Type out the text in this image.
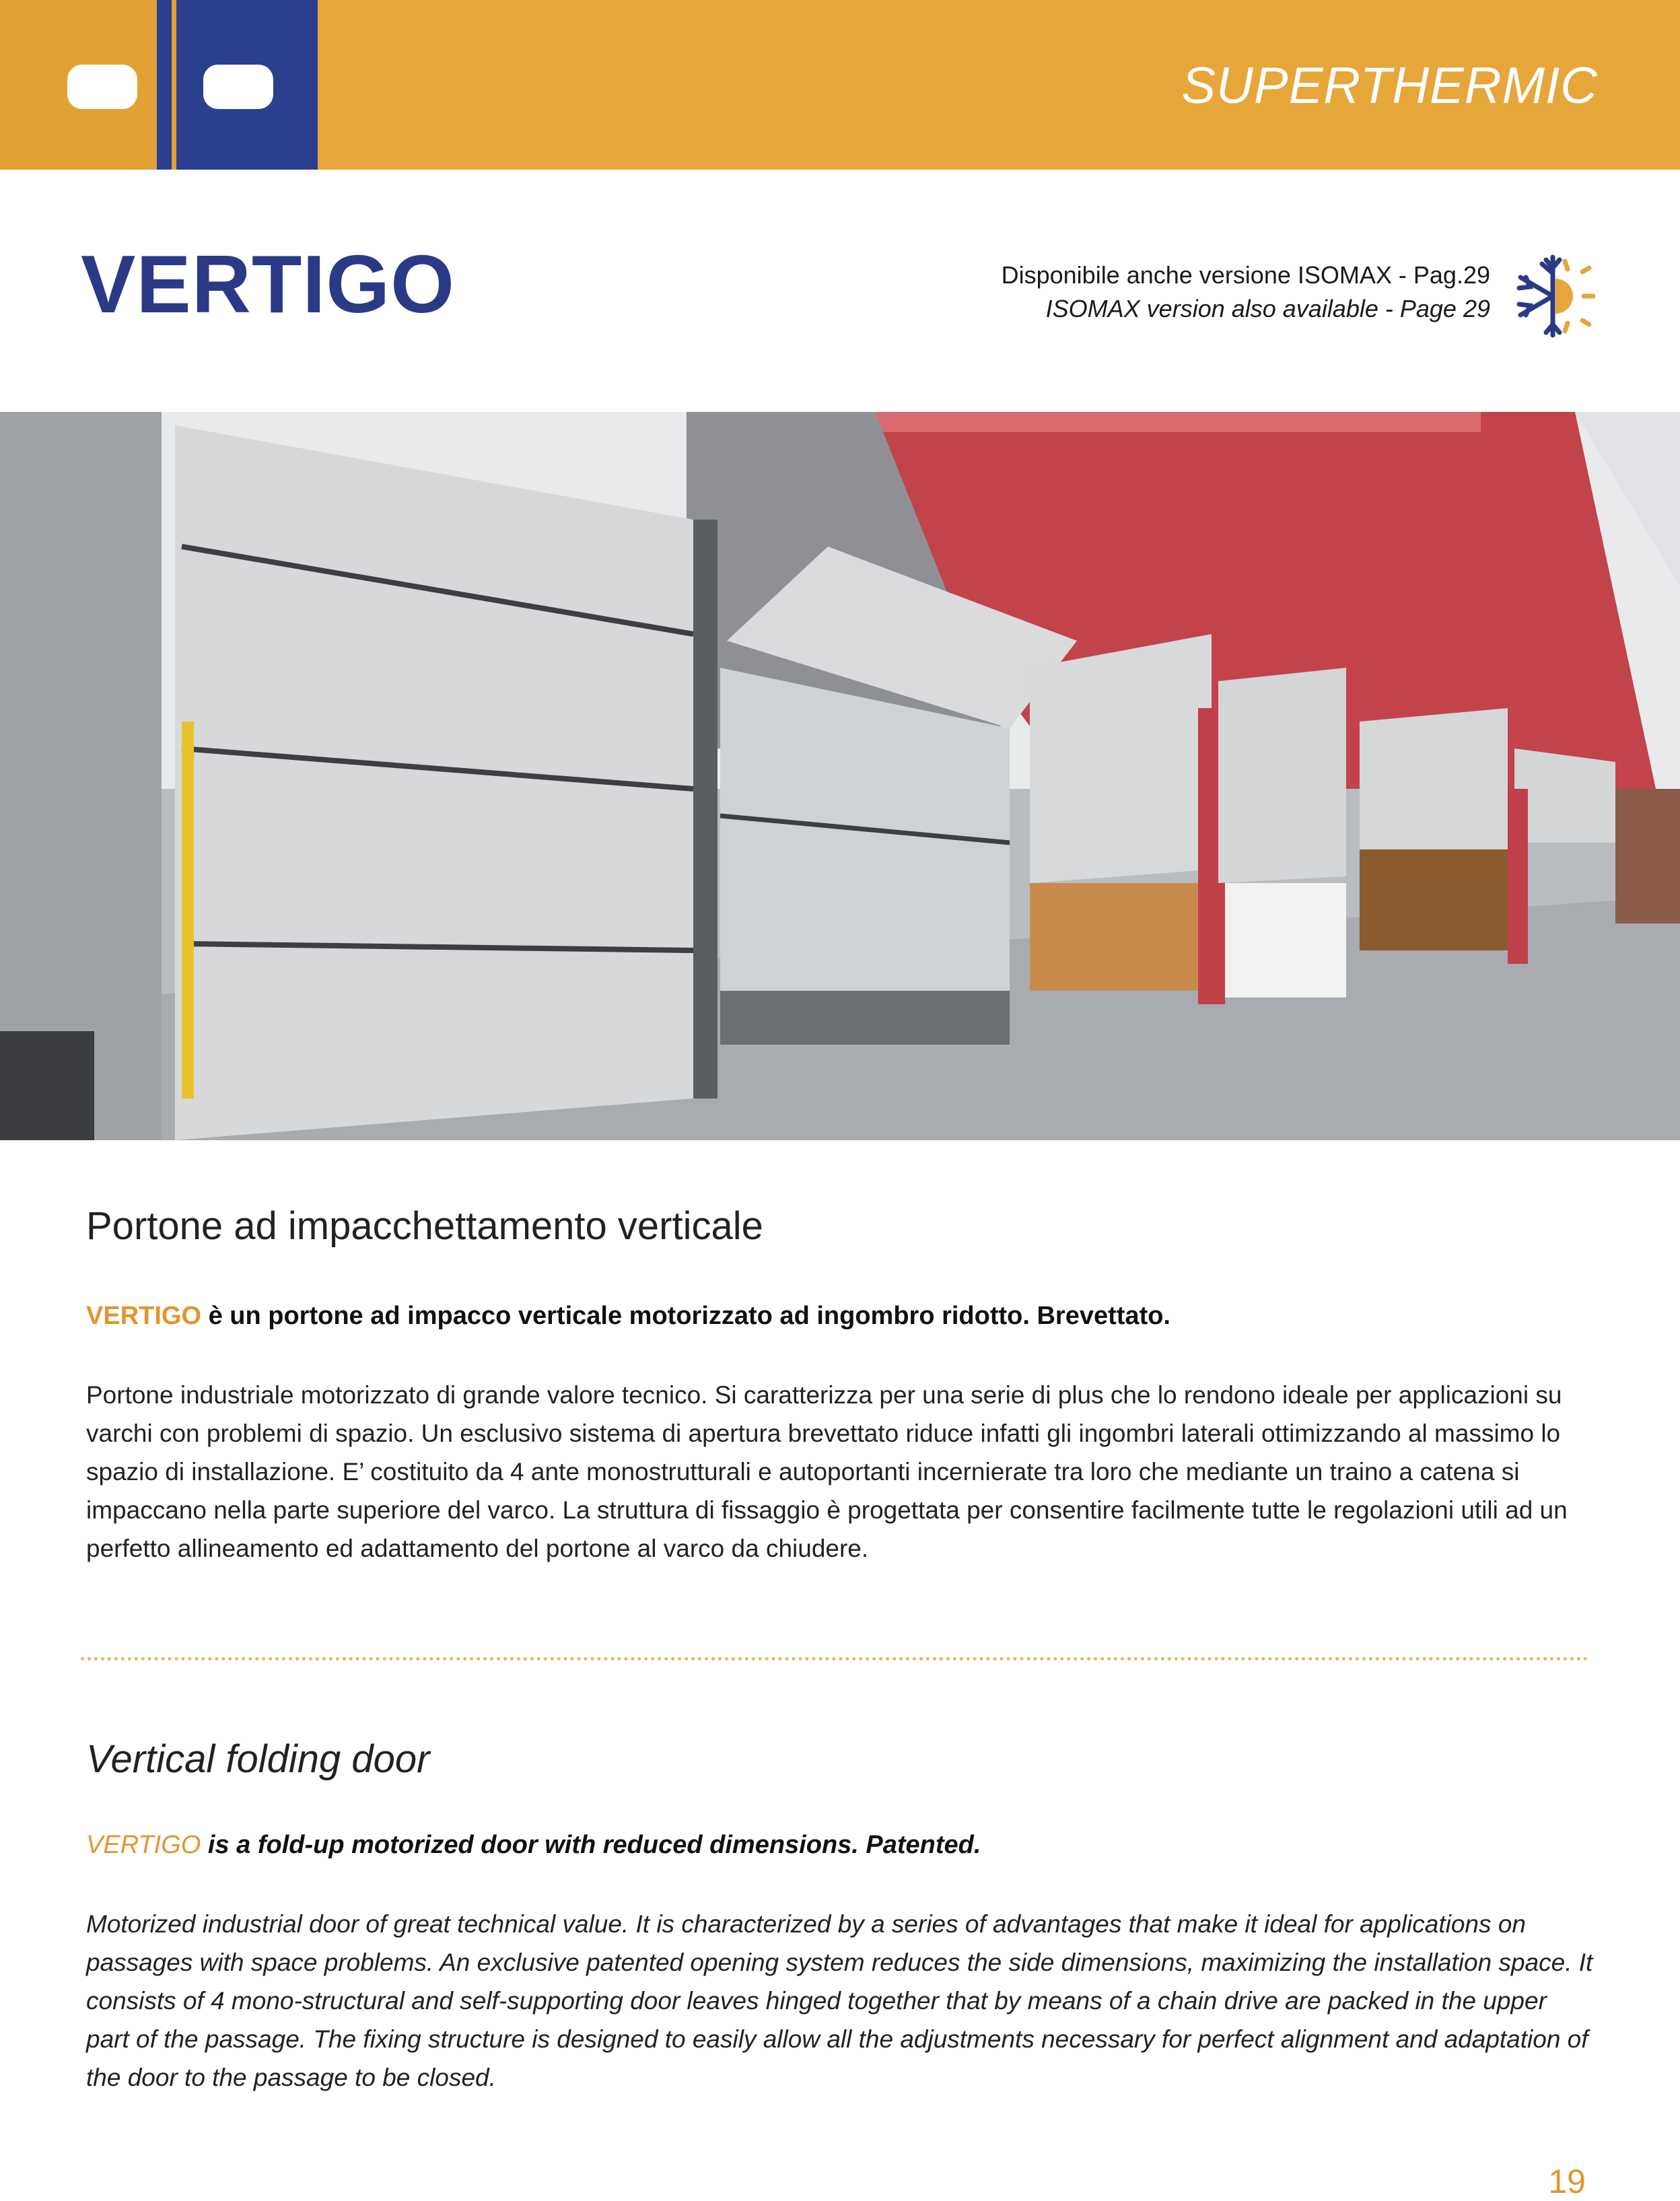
SUPERTHERMIC
VERTIGO	Disponibile anche versione ISOMAX - Pag.29
ISOMAX version also available - Page 29
Portone ad impacchettamento verticale
VERTIGO è un portone ad impacco verticale motorizzato ad ingombro ridotto. Brevettato.
Portone industriale motorizzato di grande valore tecnico. Si caratterizza per una serie di plus che lo rendono ideale per applicazioni su varchi con problemi di spazio. Un esclusivo sistema di apertura brevettato riduce infatti gli ingombri laterali ottimizzando al massimo lo spazio di installazione. E’ costituito da 4 ante monostrutturali e autoportanti incernierate tra loro che mediante un traino a catena si impaccano nella parte superiore del varco. La struttura di fissaggio è progettata per consentire facilmente tutte le regolazioni utili ad un perfetto allineamento ed adattamento del portone al varco da chiudere.
Vertical folding door
VERTIGO is a fold-up motorized door with reduced dimensions. Patented.
Motorized industrial door of great technical value. It is characterized by a series of advantages that make it ideal for applications on passages with space problems. An exclusive patented opening system reduces the side dimensions, maximizing the installation space. It consists of 4 mono-structural and self-supporting door leaves hinged together that by means of a chain drive are packed in the upper part of the passage. The fixing structure is designed to easily allow all the adjustments necessary for perfect alignment and adaptation of the door to the passage to be closed.
19
